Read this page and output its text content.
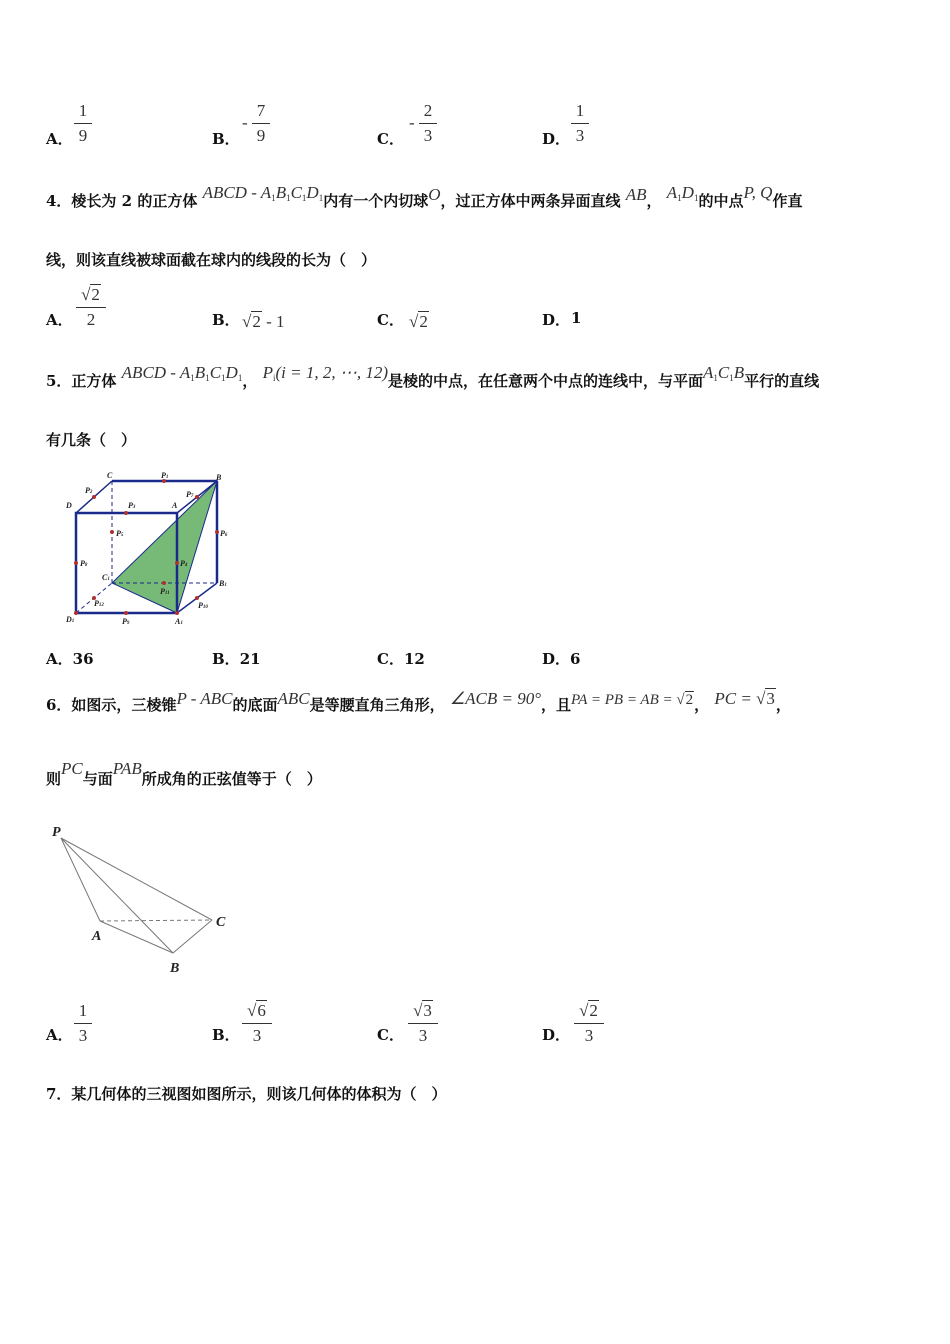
A．
1
9	B．
-
7
9	C．
-
2
3	D．
1
3
4．棱长为 2 的正方体 ABCD - $A_1B_1C_1D_1$内有一个内切球O，过正方体中两条异面直线 AB， $A_1D_1$的中点P, Q作直
线，则该直线被球面截在球内的线段的长为（　）
A．
√2
2	B． √2 - 1	C． √2	D． 1
5．正方体 ABCD - $A_1B_1C_1D_1$， $P_i(i = 1$, 2, ⋯, 12)是棱的中点，在任意两个中点的连线中，与平面$A_1C_1B$平行的直线
有几条（　）
C	P1	B
P2	P7
D	P3	A
P5	P6
P8	P4
C1	B1
P11
P12	P10
D1	P9	A1
A．36	B．21	C．12	D．6
6．如图示，三棱锥P - ABC的底面ABC是等腰直角三角形， ∠ACB = 90°，且PA = PB = AB = √2， PC = √3，
则PC与面PAB所成角的正弦值等于（　）
P
A
B
C
A．
1
3	B．
√6
3	C．
√3
3	D．
√2
3
7．某几何体的三视图如图所示，则该几何体的体积为（　）
